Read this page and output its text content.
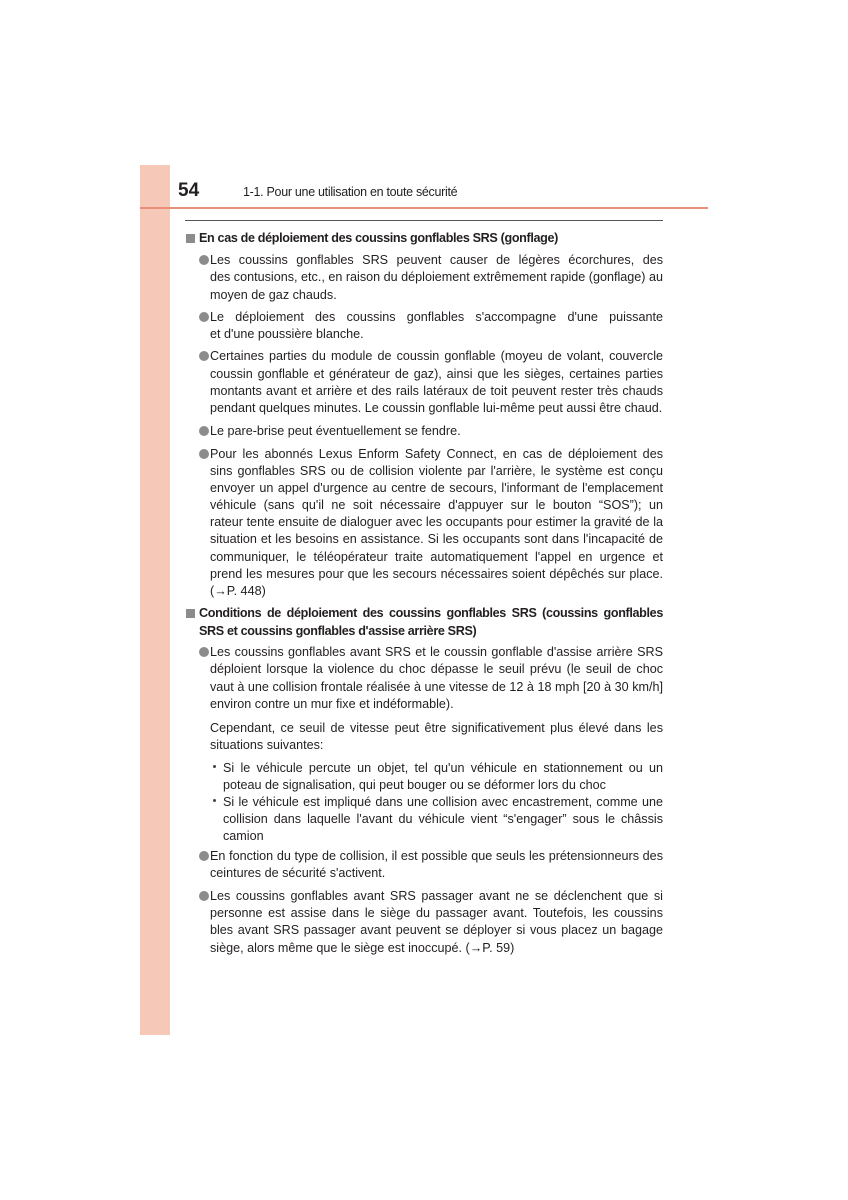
54	1-1. Pour une utilisation en toute sécurité
En cas de déploiement des coussins gonflables SRS (gonflage)
Les coussins gonflables SRS peuvent causer de légères écorchures, des
des contusions, etc., en raison du déploiement extrêmement rapide (gonflage) au
moyen de gaz chauds.
Le déploiement des coussins gonflables s'accompagne d'une puissante
et d'une poussière blanche.
Certaines parties du module de coussin gonflable (moyeu de volant, couvercle
coussin gonflable et générateur de gaz), ainsi que les sièges, certaines parties
montants avant et arrière et des rails latéraux de toit peuvent rester très chauds
pendant quelques minutes. Le coussin gonflable lui-même peut aussi être chaud.
Le pare-brise peut éventuellement se fendre.
Pour les abonnés Lexus Enform Safety Connect, en cas de déploiement des
sins gonflables SRS ou de collision violente par l'arrière, le système est conçu
envoyer un appel d'urgence au centre de secours, l'informant de l'emplacement
véhicule (sans qu'il ne soit nécessaire d'appuyer sur le bouton “SOS”); un
rateur tente ensuite de dialoguer avec les occupants pour estimer la gravité de la
situation et les besoins en assistance. Si les occupants sont dans l'incapacité de
communiquer, le téléopérateur traite automatiquement l'appel en urgence et
prend les mesures pour que les secours nécessaires soient dépêchés sur place.
(→P. 448)
Conditions de déploiement des coussins gonflables SRS (coussins gonflables
SRS et coussins gonflables d'assise arrière SRS)
Les coussins gonflables avant SRS et le coussin gonflable d'assise arrière SRS
déploient lorsque la violence du choc dépasse le seuil prévu (le seuil de choc
vaut à une collision frontale réalisée à une vitesse de 12 à 18 mph [20 à 30 km/h]
environ contre un mur fixe et indéformable).
Cependant, ce seuil de vitesse peut être significativement plus élevé dans les
situations suivantes:
Si le véhicule percute un objet, tel qu'un véhicule en stationnement ou un
poteau de signalisation, qui peut bouger ou se déformer lors du choc
Si le véhicule est impliqué dans une collision avec encastrement, comme une
collision dans laquelle l'avant du véhicule vient “s'engager” sous le châssis
camion
En fonction du type de collision, il est possible que seuls les prétensionneurs des
ceintures de sécurité s'activent.
Les coussins gonflables avant SRS passager avant ne se déclenchent que si
personne est assise dans le siège du passager avant. Toutefois, les coussins
bles avant SRS passager avant peuvent se déployer si vous placez un bagage
siège, alors même que le siège est inoccupé. (→P. 59)
